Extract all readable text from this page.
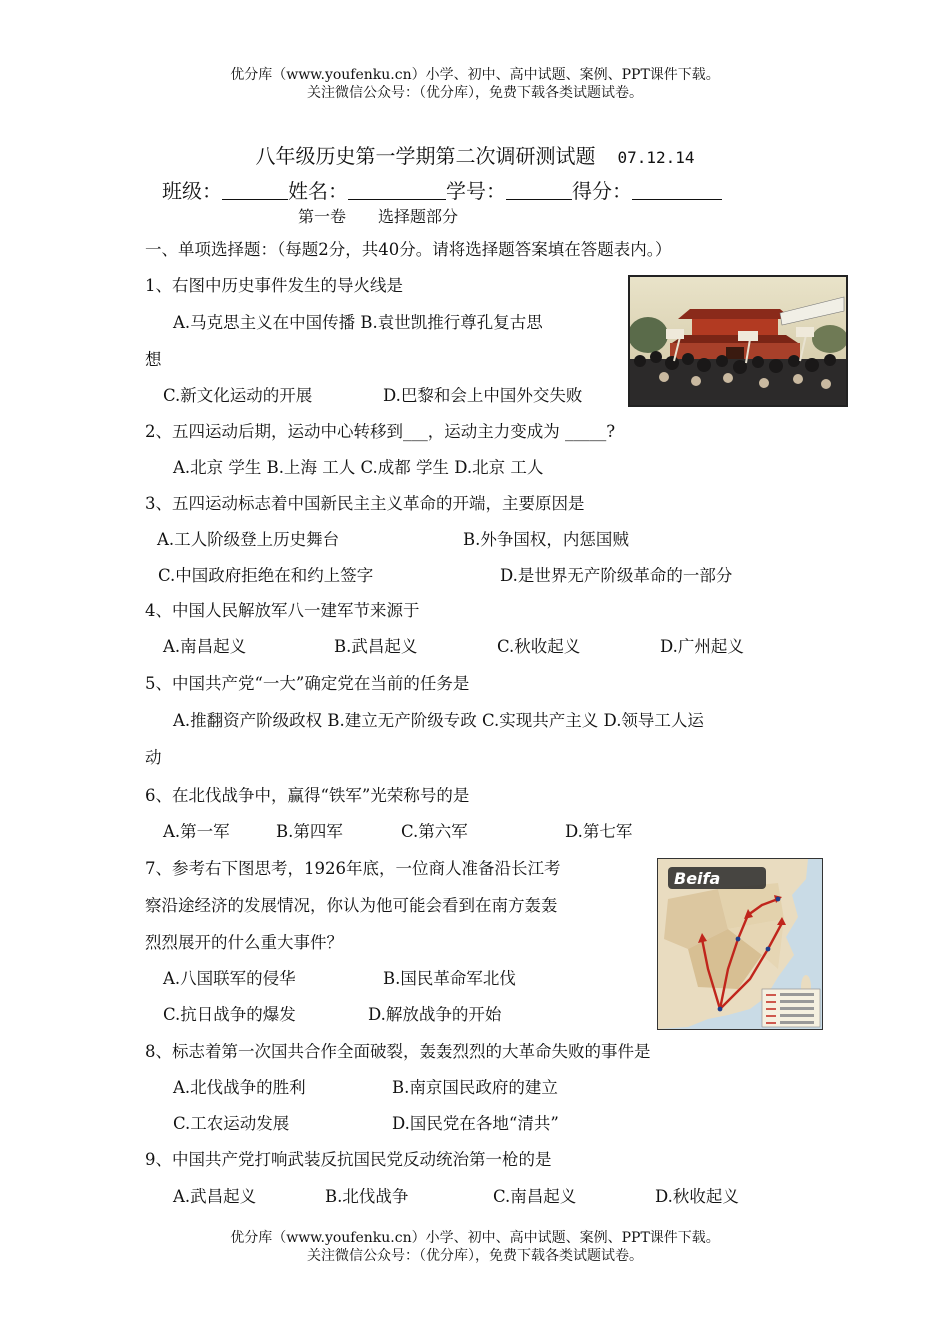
优分库（www.youfenku.cn）小学、初中、高中试题、案例、PPT课件下载。
关注微信公众号：（优分库），免费下载各类试题试卷。
八年级历史第一学期第二次调研测试题 07.12.14
班级：	姓名：	学号：	得分：
第一卷　　选择题部分
一、单项选择题：（每题2分，共40分。请将选择题答案填在答题表内。）
1、右图中历史事件发生的导火线是
A.马克思主义在中国传播 B.袁世凯推行尊孔复古思
想
C.新文化运动的开展	D.巴黎和会上中国外交失败
2、五四运动后期，运动中心转移到___，运动主力变成为 _____?
A.北京 学生 B.上海 工人 C.成都 学生 D.北京 工人
3、五四运动标志着中国新民主主义革命的开端，主要原因是
A.工人阶级登上历史舞台	B.外争国权，内惩国贼
C.中国政府拒绝在和约上签字	D.是世界无产阶级革命的一部分
4、中国人民解放军八一建军节来源于
A.南昌起义	B.武昌起义	C.秋收起义	D.广州起义
5、中国共产党“一大”确定党在当前的任务是
A.推翻资产阶级政权 B.建立无产阶级专政 C.实现共产主义 D.领导工人运
动
6、在北伐战争中，赢得“铁军”光荣称号的是
A.第一军	B.第四军	C.第六军	D.第七军
7、参考右下图思考，1926年底，一位商人准备沿长江考
察沿途经济的发展情况，你认为他可能会看到在南方轰轰
烈烈展开的什么重大事件？
A.八国联军的侵华	B.国民革命军北伐
C.抗日战争的爆发	D.解放战争的开始
Beifa
8、标志着第一次国共合作全面破裂，轰轰烈烈的大革命失败的事件是
A.北伐战争的胜利	B.南京国民政府的建立
C.工农运动发展	D.国民党在各地“清共”
9、中国共产党打响武装反抗国民党反动统治第一枪的是
A.武昌起义	B.北伐战争	C.南昌起义	D.秋收起义
优分库（www.youfenku.cn）小学、初中、高中试题、案例、PPT课件下载。
关注微信公众号：（优分库），免费下载各类试题试卷。
